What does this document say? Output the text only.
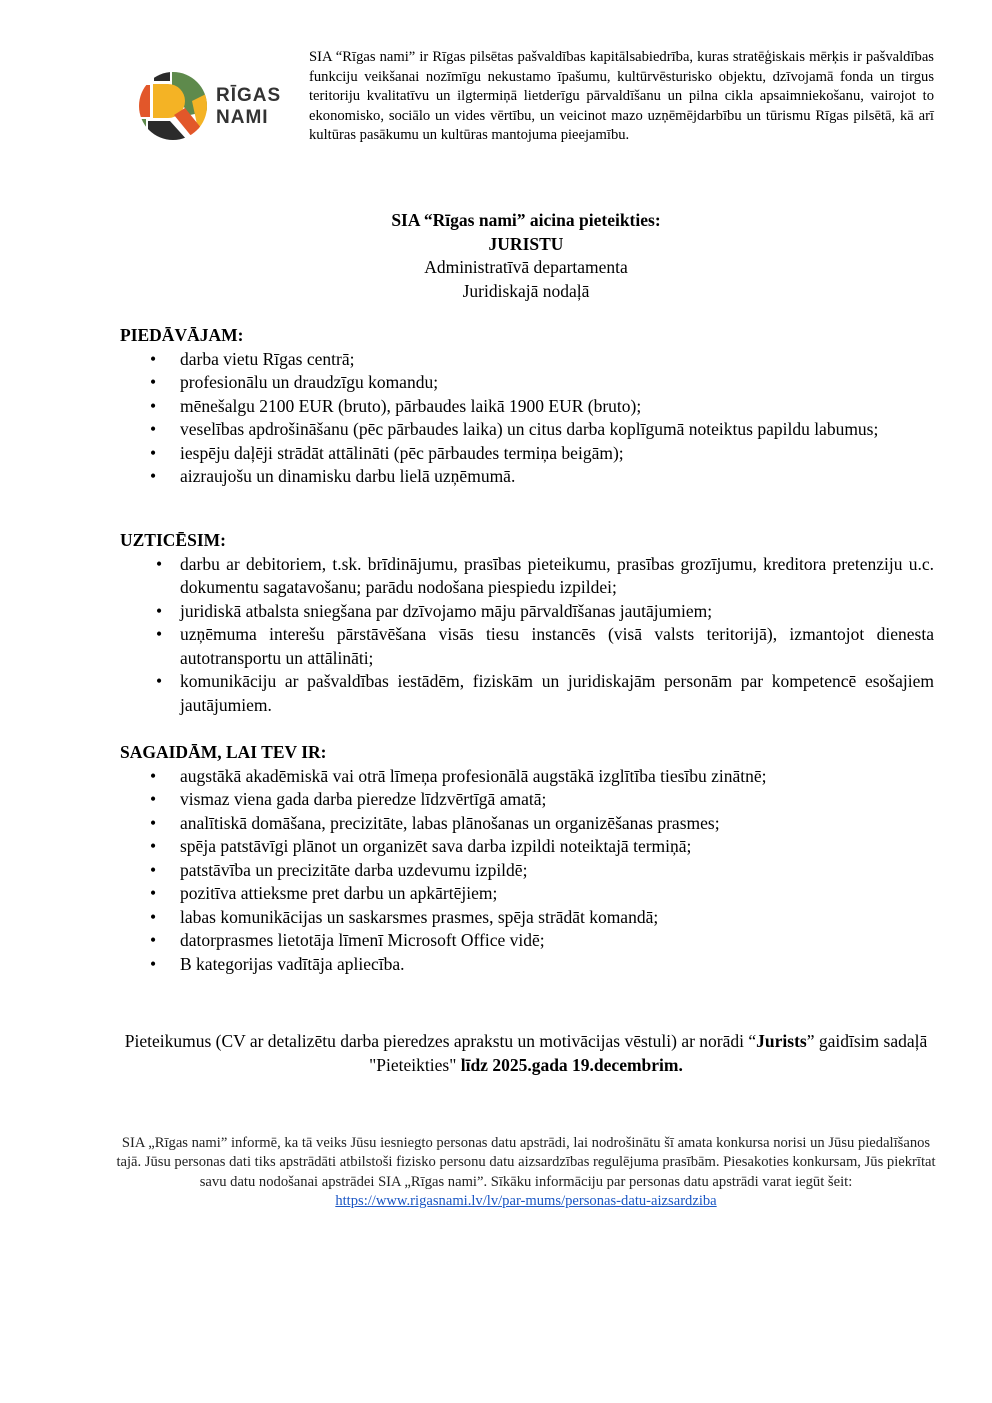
RĪGAS
NAMI
SIA “Rīgas nami” ir Rīgas pilsētas pašvaldības kapitālsabiedrība, kuras stratēģiskais mērķis ir pašvaldības funkciju veikšanai nozīmīgu nekustamo īpašumu, kultūrvēsturisko objektu, dzīvojamā fonda un tirgus teritoriju kvalitatīvu un ilgtermiņā lietderīgu pārvaldīšanu un pilna cikla apsaimniekošanu, vairojot to ekonomisko, sociālo un vides vērtību, un veicinot mazo uzņēmējdarbību un tūrismu Rīgas pilsētā, kā arī kultūras pasākumu un kultūras mantojuma pieejamību.
SIA “Rīgas nami” aicina pieteikties:
JURISTU
Administratīvā departamenta
Juridiskajā nodaļā
PIEDĀVĀJAM:
• darba vietu Rīgas centrā;
• profesionālu un draudzīgu komandu;
• mēnešalgu 2100 EUR (bruto), pārbaudes laikā 1900 EUR (bruto);
• veselības apdrošināšanu (pēc pārbaudes laika) un citus darba koplīgumā noteiktus papildu labumus;
• iespēju daļēji strādāt attālināti (pēc pārbaudes termiņa beigām);
• aizraujošu un dinamisku darbu lielā uzņēmumā.
UZTICĒSIM:
• darbu ar debitoriem, t.sk. brīdinājumu, prasības pieteikumu, prasības grozījumu, kreditora pretenziju u.c. dokumentu sagatavošanu; parādu nodošana piespiedu izpildei;
• juridiskā atbalsta sniegšana par dzīvojamo māju pārvaldīšanas jautājumiem;
• uzņēmuma interešu pārstāvēšana visās tiesu instancēs (visā valsts teritorijā), izmantojot dienesta autotransportu un attālināti;
• komunikāciju ar pašvaldības iestādēm, fiziskām un juridiskajām personām par kompetencē esošajiem jautājumiem.
SAGAIDĀM, LAI TEV IR:
• augstākā akadēmiskā vai otrā līmeņa profesionālā augstākā izglītība tiesību zinātnē;
• vismaz viena gada darba pieredze līdzvērtīgā amatā;
• analītiskā domāšana, precizitāte, labas plānošanas un organizēšanas prasmes;
• spēja patstāvīgi plānot un organizēt sava darba izpildi noteiktajā termiņā;
• patstāvība un precizitāte darba uzdevumu izpildē;
• pozitīva attieksme pret darbu un apkārtējiem;
• labas komunikācijas un saskarsmes prasmes, spēja strādāt komandā;
• datorprasmes lietotāja līmenī Microsoft Office vidē;
• B kategorijas vadītāja apliecība.
Pieteikumus (CV ar detalizētu darba pieredzes aprakstu un motivācijas vēstuli) ar norādi “Jurists” gaidīsim sadaļā "Pieteikties" līdz 2025.gada 19.decembrim.
SIA „Rīgas nami” informē, ka tā veiks Jūsu iesniegto personas datu apstrādi, lai nodrošinātu šī amata konkursa norisi un Jūsu piedalīšanos tajā. Jūsu personas dati tiks apstrādāti atbilstoši fizisko personu datu aizsardzības regulējuma prasībām. Piesakoties konkursam, Jūs piekrītat savu datu nodošanai apstrādei SIA „Rīgas nami”. Sīkāku informāciju par personas datu apstrādi varat iegūt šeit: https://www.rigasnami.lv/lv/par-mums/personas-datu-aizsardziba
